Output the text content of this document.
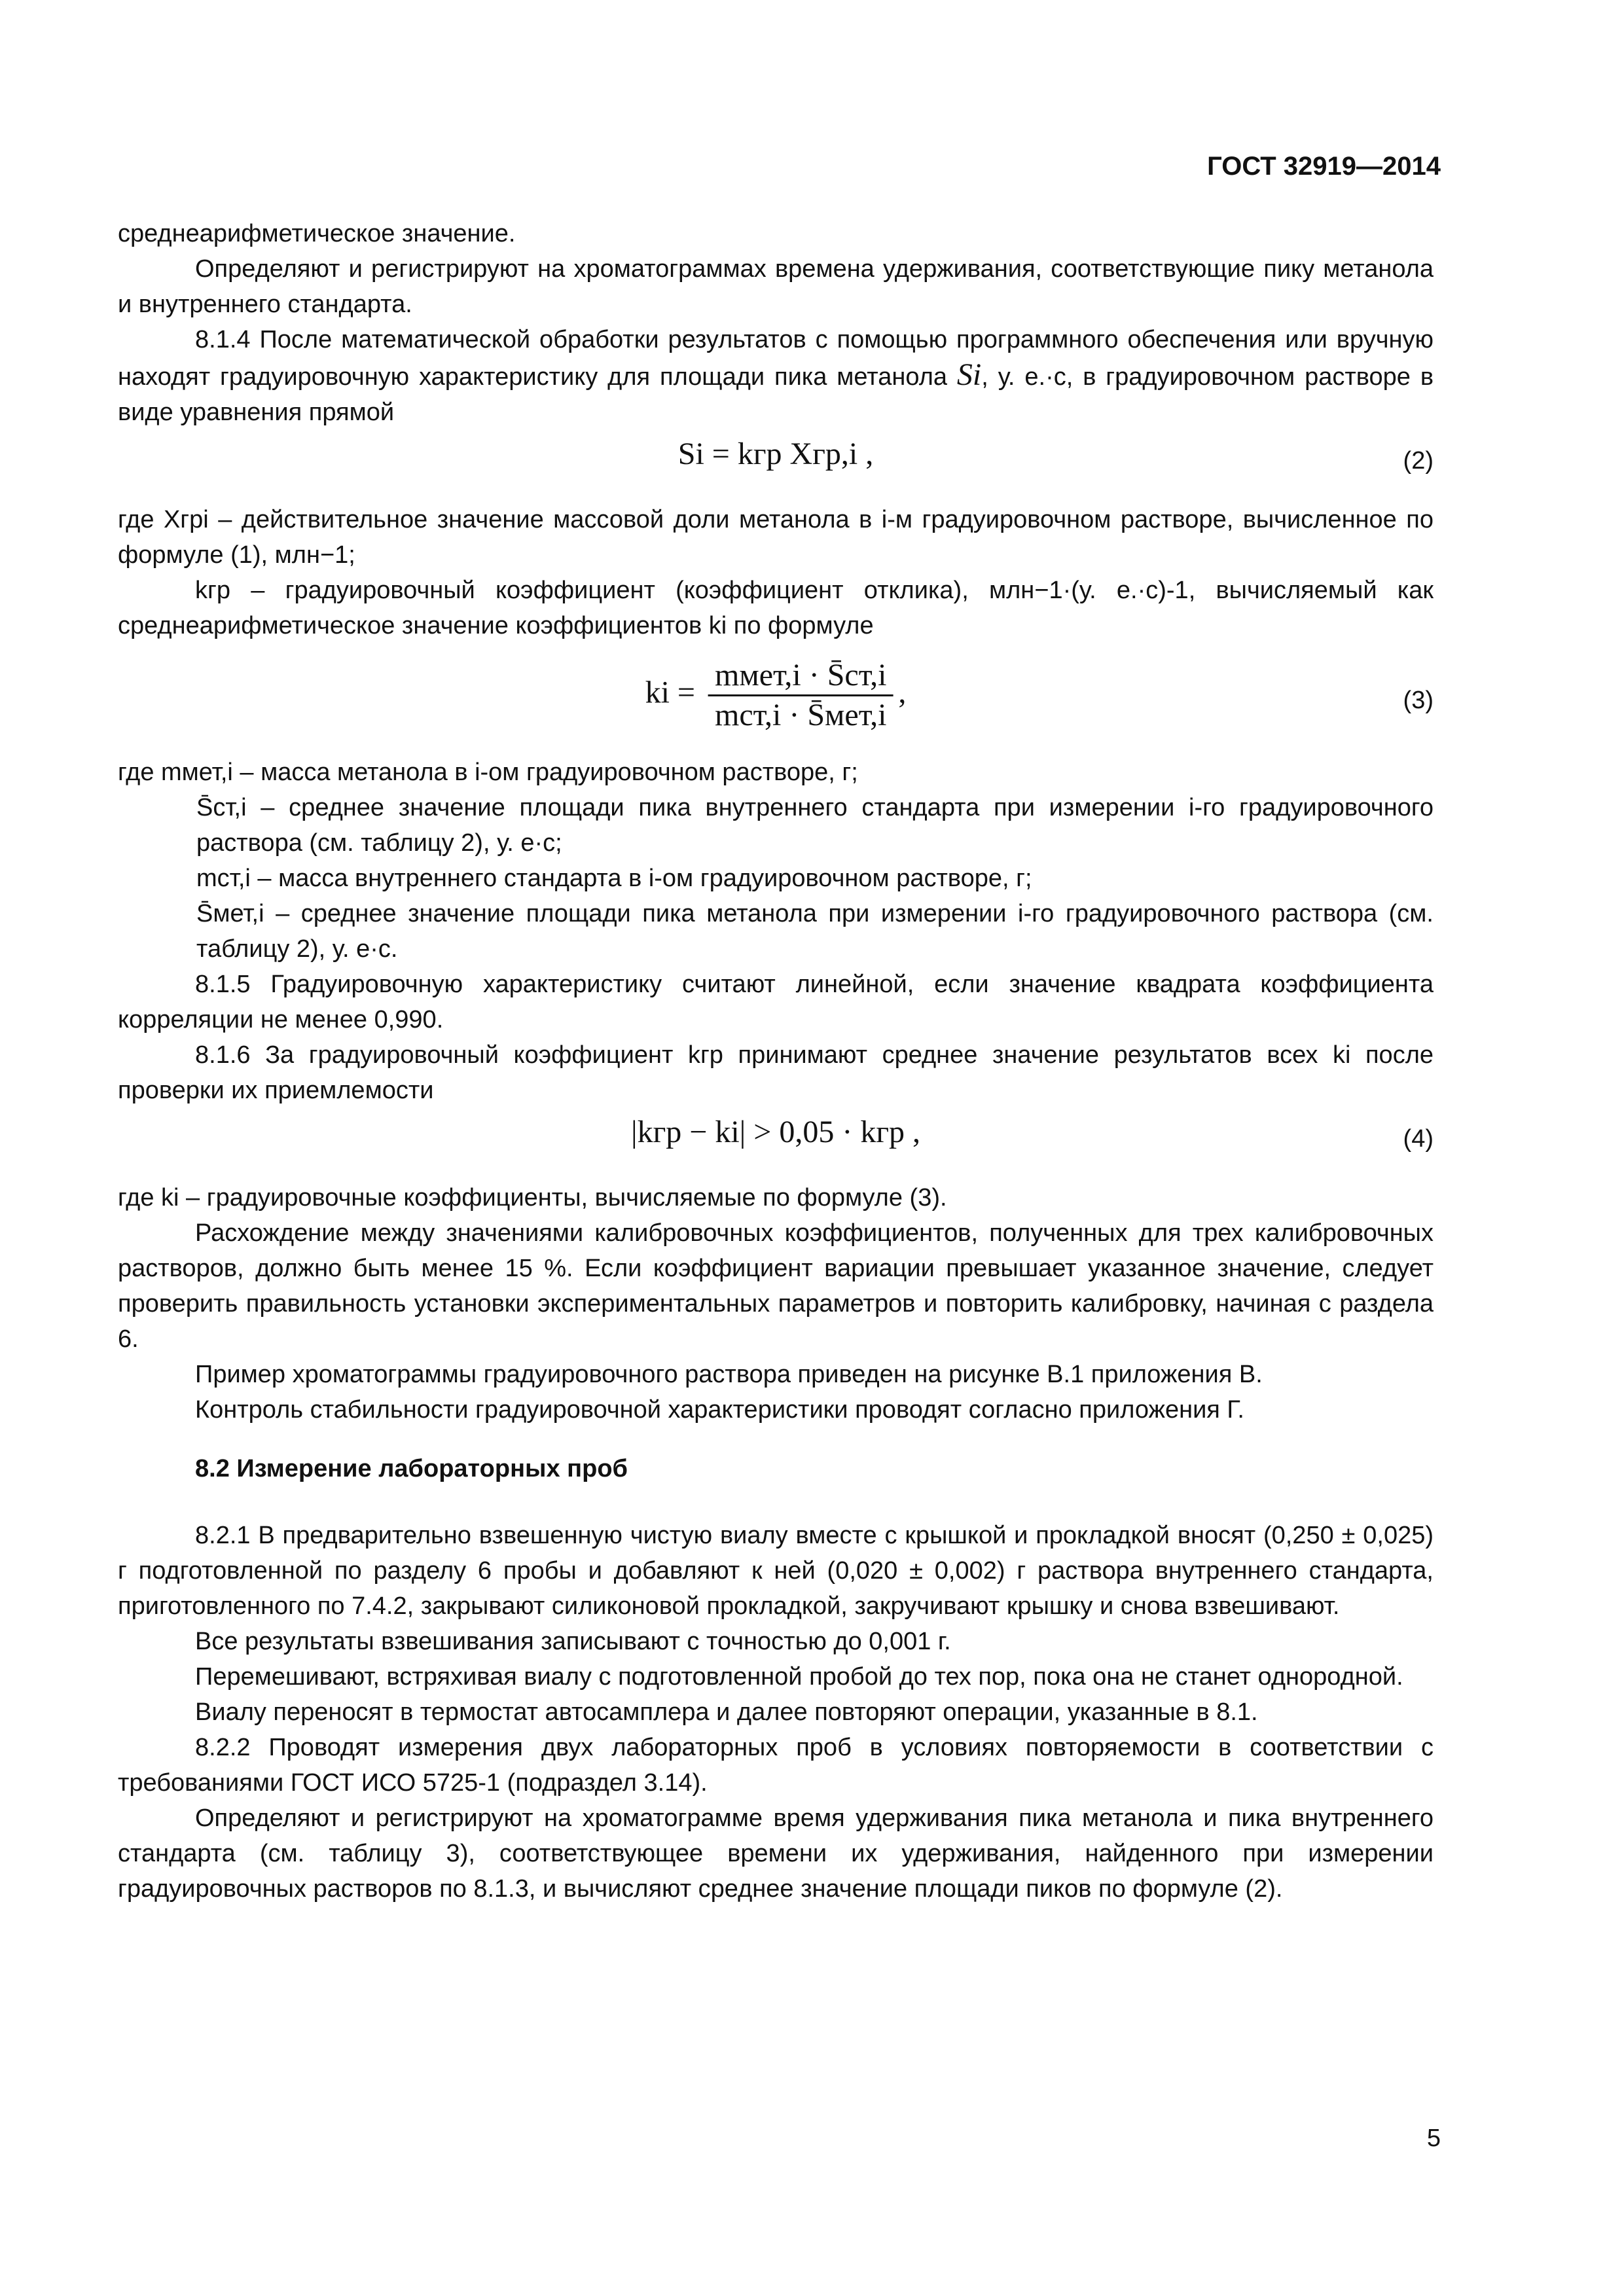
ГОСТ 32919—2014

среднеарифметическое значение.

Определяют и регистрируют на хроматограммах времена удерживания, соответствующие пику метанола и внутреннего стандарта.

8.1.4 После математической обработки результатов с помощью программного обеспечения или вручную находят градуировочную характеристику для площади пика метанола Si, у. е.·с, в градуировочном растворе в виде уравнения прямой

Si = kгр Xгр,i ,	(2)

где Xгрi – действительное значение массовой доли метанола в i-м градуировочном растворе, вычисленное по формуле (1), млн−1;

kгр – градуировочный коэффициент (коэффициент отклика), млн−1·(у. е.·с)-1, вычисляемый как среднеарифметическое значение коэффициентов ki по формуле

ki = $\frac{\text{mмет,i · S̄ст,i}}{\text{mст,i · S̄мет,i}}$ ,	(3)

где mмет,i – масса метанола в i-ом градуировочном растворе, г;

S̄ст,i – среднее значение площади пика внутреннего стандарта при измерении i-го градуировочного раствора (см. таблицу 2), у. е·с;

mст,i – масса внутреннего стандарта в i-ом градуировочном растворе, г;

S̄мет,i – среднее значение площади пика метанола при измерении i-го градуировочного раствора (см. таблицу 2), у. е·с.

8.1.5 Градуировочную характеристику считают линейной, если значение квадрата коэффициента корреляции не менее 0,990.

8.1.6 За градуировочный коэффициент kгр принимают среднее значение результатов всех ki после проверки их приемлемости

|kгр − ki| > 0,05 · kгр ,	(4)

где ki – градуировочные коэффициенты, вычисляемые по формуле (3).

Расхождение между значениями калибровочных коэффициентов, полученных для трех калибровочных растворов, должно быть менее 15 %. Если коэффициент вариации превышает указанное значение, следует проверить правильность установки экспериментальных параметров и повторить калибровку, начиная с раздела 6.

Пример хроматограммы градуировочного раствора приведен на рисунке В.1 приложения В.

Контроль стабильности градуировочной характеристики проводят согласно приложения Г.

8.2 Измерение лабораторных проб

8.2.1 В предварительно взвешенную чистую виалу вместе с крышкой и прокладкой вносят (0,250 ± 0,025) г подготовленной по разделу 6 пробы и добавляют к ней (0,020 ± 0,002) г раствора внутреннего стандарта, приготовленного по 7.4.2, закрывают силиконовой прокладкой, закручивают крышку и снова взвешивают.

Все результаты взвешивания записывают с точностью до 0,001 г.

Перемешивают, встряхивая виалу с подготовленной пробой до тех пор, пока она не станет однородной.

Виалу переносят в термостат автосамплера и далее повторяют операции, указанные в 8.1.

8.2.2 Проводят измерения двух лабораторных проб в условиях повторяемости в соответствии с требованиями ГОСТ ИСО 5725-1 (подраздел 3.14).

Определяют и регистрируют на хроматограмме время удерживания пика метанола и пика внутреннего стандарта (см. таблицу 3), соответствующее времени их удерживания, найденного при измерении градуировочных растворов по 8.1.3, и вычисляют среднее значение площади пиков по формуле (2).

5
